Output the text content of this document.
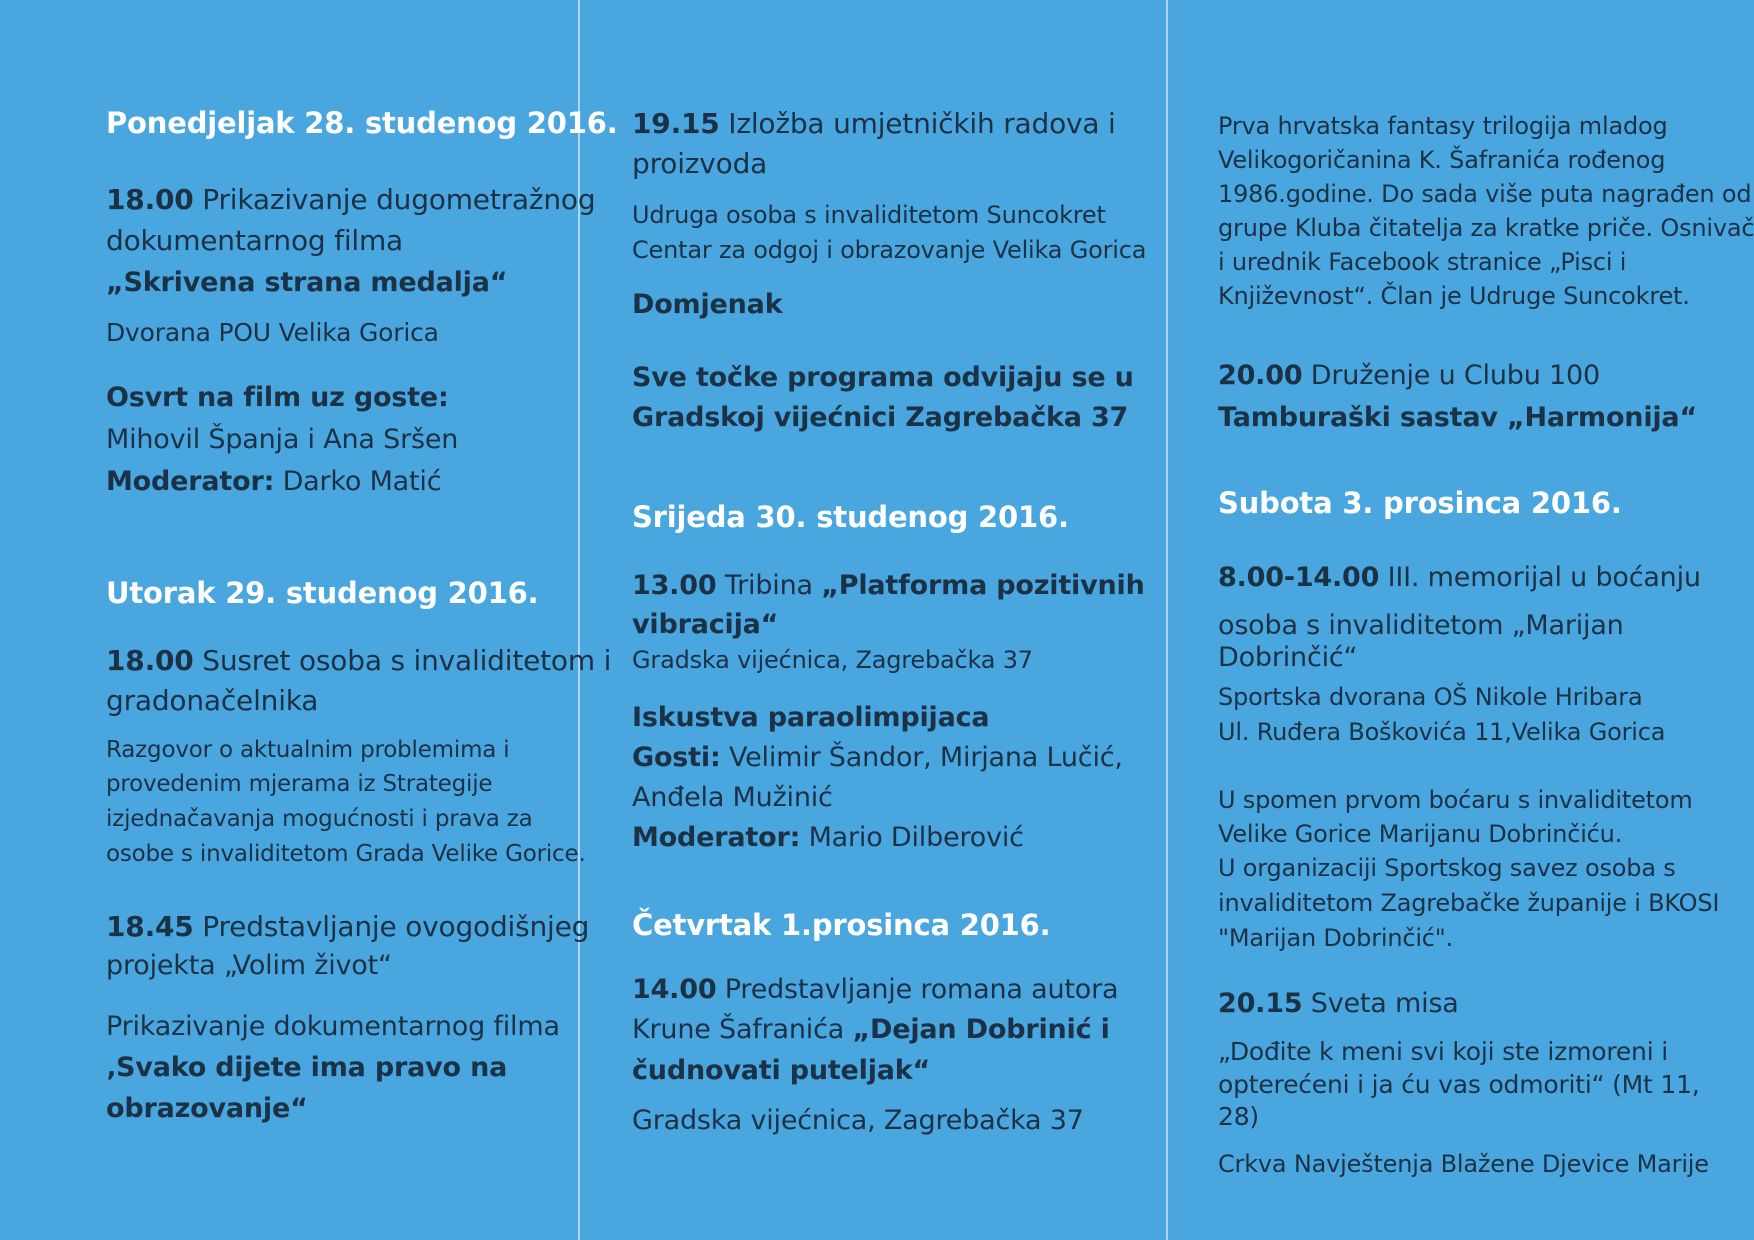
Ponedjeljak 28. studenog 2016.
18.00 Prikazivanje dugometražnog
dokumentarnog filma
„Skrivena strana medalja“
Dvorana POU Velika Gorica
Osvrt na film uz goste:
Mihovil Španja i Ana Sršen
Moderator: Darko Matić
Utorak 29. studenog 2016.
18.00 Susret osoba s invaliditetom i
gradonačelnika
Razgovor o aktualnim problemima i
provedenim mjerama iz Strategije
izjednačavanja mogućnosti i prava za
osobe s invaliditetom Grada Velike Gorice.
18.45 Predstavljanje ovogodišnjeg
projekta „Volim život“
Prikazivanje dokumentarnog filma
‚Svako dijete ima pravo na
obrazovanje“
19.15 Izložba umjetničkih radova i
proizvoda
Udruga osoba s invaliditetom Suncokret
Centar za odgoj i obrazovanje Velika Gorica
Domjenak
Sve točke programa odvijaju se u
Gradskoj vijećnici Zagrebačka 37
Srijeda 30. studenog 2016.
13.00 Tribina „Platforma pozitivnih
vibracija“
Gradska vijećnica, Zagrebačka 37
Iskustva paraolimpijaca
Gosti: Velimir Šandor, Mirjana Lučić,
Anđela Mužinić
Moderator: Mario Dilberović
Četvrtak 1.prosinca 2016.
14.00 Predstavljanje romana autora
Krune Šafranića „Dejan Dobrinić i
čudnovati puteljak“
Gradska vijećnica, Zagrebačka 37
Prva hrvatska fantasy trilogija mladog
Velikogoričanina K. Šafranića rođenog
1986.godine. Do sada više puta nagrađen od
grupe Kluba čitatelja za kratke priče. Osnivač
i urednik Facebook stranice „Pisci i
Književnost“. Član je Udruge Suncokret.
20.00 Druženje u Clubu 100
Tamburaški sastav „Harmonija“
Subota 3. prosinca 2016.
8.00-14.00 III. memorijal u boćanju
osoba s invaliditetom „Marijan
Dobrinčić“
Sportska dvorana OŠ Nikole Hribara
Ul. Ruđera Boškovića 11,Velika Gorica
U spomen prvom boćaru s invaliditetom
Velike Gorice Marijanu Dobrinčiću.
U organizaciji Sportskog savez osoba s
invaliditetom Zagrebačke županije i BKOSI
"Marijan Dobrinčić".
20.15 Sveta misa
„Dođite k meni svi koji ste izmoreni i
opterećeni i ja ću vas odmoriti“ (Mt 11,
28)
Crkva Navještenja Blažene Djevice Marije
